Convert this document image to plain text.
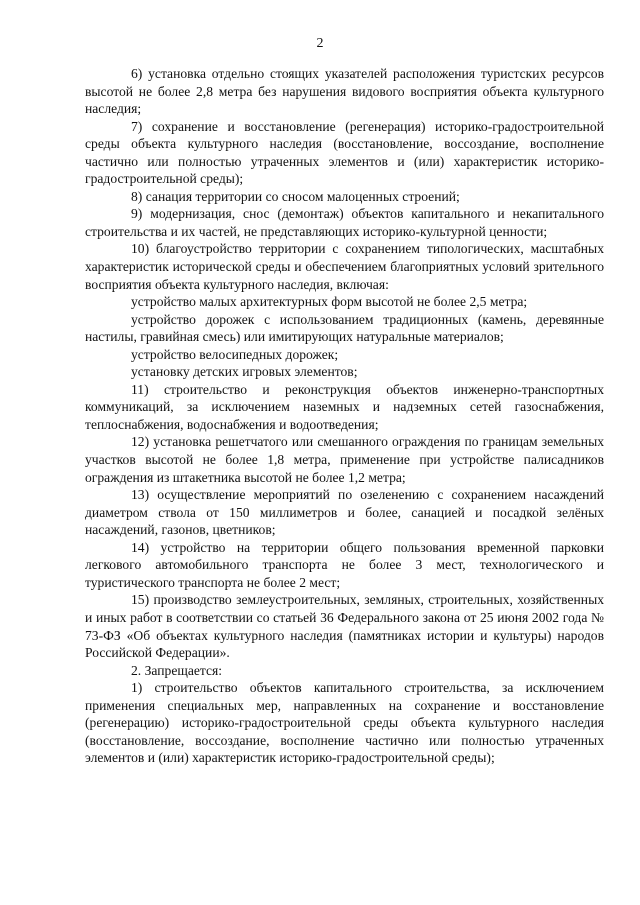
2

6) установка отдельно стоящих указателей расположения туристских ресурсов высотой не более 2,8 метра без нарушения видового восприятия объекта культурного наследия;

7) сохранение и восстановление (регенерация) историко-градостроительной среды объекта культурного наследия (восстановление, воссоздание, восполнение частично или полностью утраченных элементов и (или) характеристик историко-градостроительной среды);

8) санация территории со сносом малоценных строений;

9) модернизация, снос (демонтаж) объектов капитального и некапитального строительства и их частей, не представляющих историко-культурной ценности;

10) благоустройство территории с сохранением типологических, масштабных характеристик исторической среды и обеспечением благоприятных условий зрительного восприятия объекта культурного наследия, включая:

устройство малых архитектурных форм высотой не более 2,5 метра;

устройство дорожек с использованием традиционных (камень, деревянные настилы, гравийная смесь) или имитирующих натуральные материалов;

устройство велосипедных дорожек;

установку детских игровых элементов;

11) строительство и реконструкция объектов инженерно-транспортных коммуникаций, за исключением наземных и надземных сетей газоснабжения, теплоснабжения, водоснабжения и водоотведения;

12) установка решетчатого или смешанного ограждения по границам земельных участков высотой не более 1,8 метра, применение при устройстве палисадников ограждения из штакетника высотой не более 1,2 метра;

13) осуществление мероприятий по озеленению с сохранением насаждений диаметром ствола от 150 миллиметров и более, санацией и посадкой зелёных насаждений, газонов, цветников;

14) устройство на территории общего пользования временной парковки легкового автомобильного транспорта не более 3 мест, технологического и туристического транспорта не более 2 мест;

15) производство землеустроительных, земляных, строительных, хозяйственных и иных работ в соответствии со статьей 36 Федерального закона от 25 июня 2002 года № 73-ФЗ «Об объектах культурного наследия (памятниках истории и культуры) народов Российской Федерации».

2. Запрещается:

1) строительство объектов капитального строительства, за исключением применения специальных мер, направленных на сохранение и восстановление (регенерацию) историко-градостроительной среды объекта культурного наследия (восстановление, воссоздание, восполнение частично или полностью утраченных элементов и (или) характеристик историко-градостроительной среды);
